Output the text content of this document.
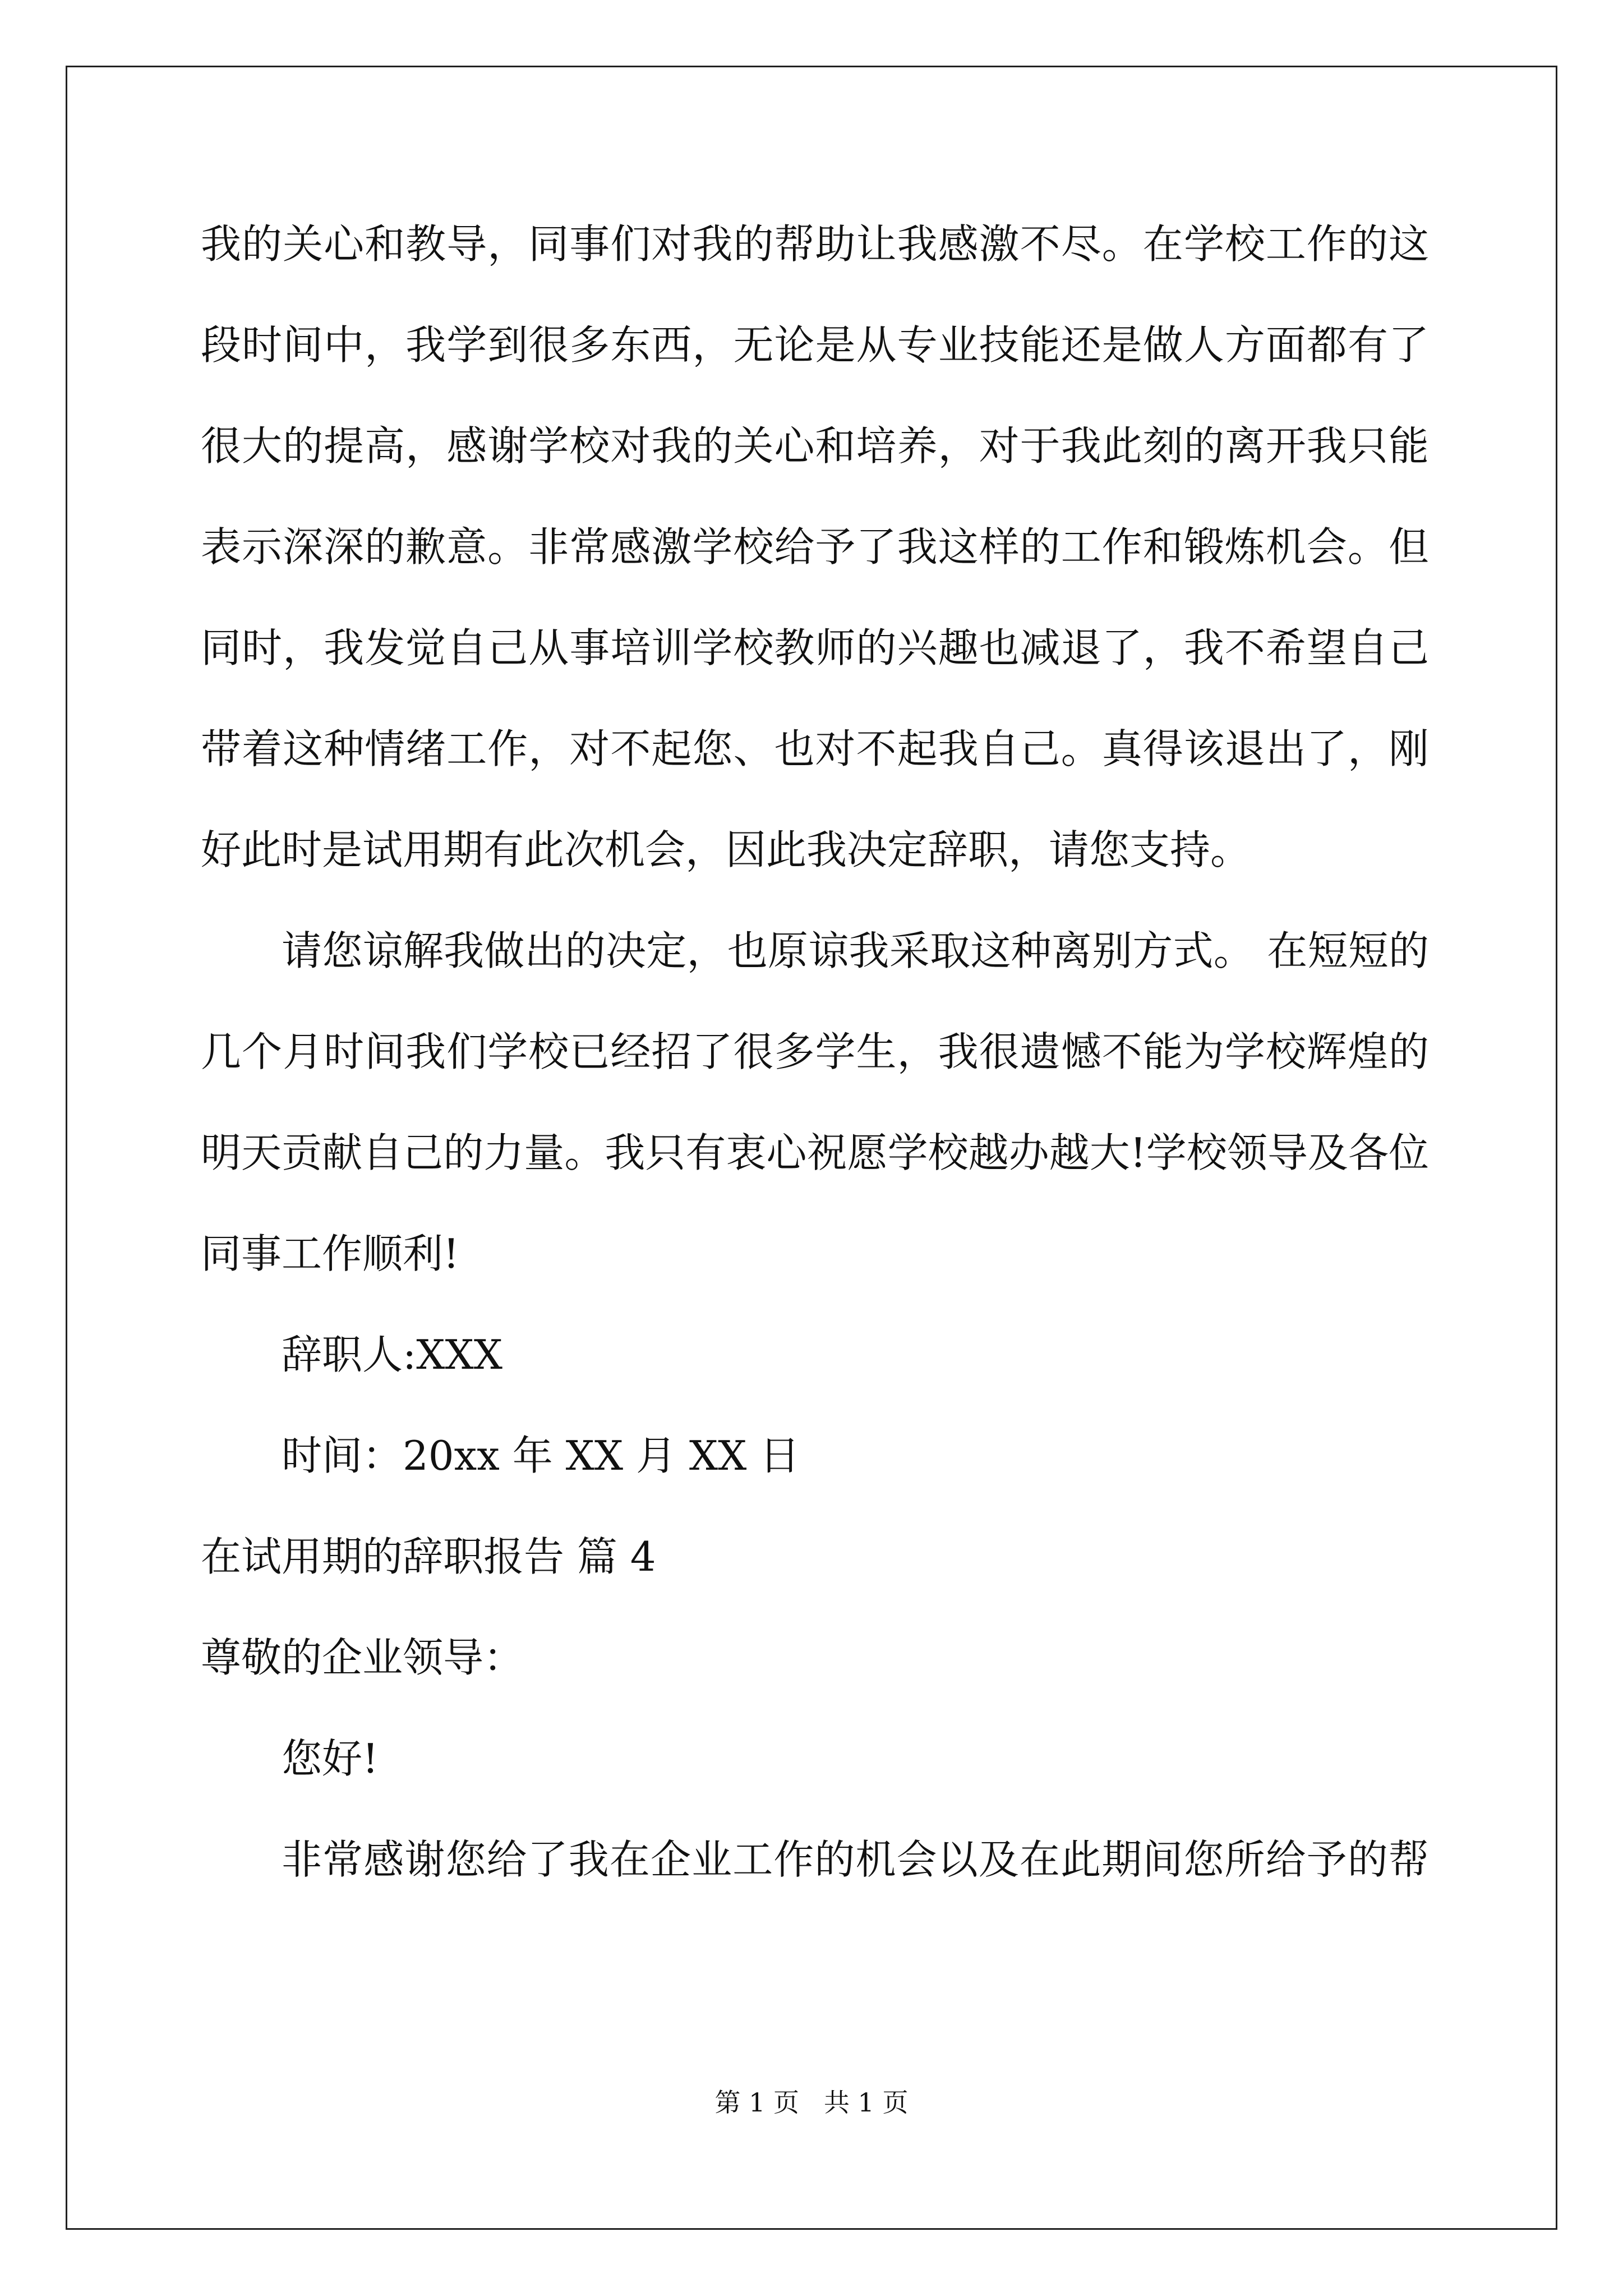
我的关心和教导，同事们对我的帮助让我感激不尽。在学校工作的这
段时间中，我学到很多东西，无论是从专业技能还是做人方面都有了
很大的提高，感谢学校对我的关心和培养，对于我此刻的离开我只能
表示深深的歉意。非常感激学校给予了我这样的工作和锻炼机会。但
同时，我发觉自己从事培训学校教师的兴趣也减退了，我不希望自己
带着这种情绪工作，对不起您、也对不起我自己。真得该退出了，刚
好此时是试用期有此次机会，因此我决定辞职，请您支持。
请您谅解我做出的决定，也原谅我采取这种离别方式。 在短短的
几个月时间我们学校已经招了很多学生，我很遗憾不能为学校辉煌的
明天贡献自己的力量。我只有衷心祝愿学校越办越大!学校领导及各位
同事工作顺利!
辞职人:XXX
时间：20xx 年 XX 月 XX 日
在试用期的辞职报告 篇 4
尊敬的企业领导：
您好!
非常感谢您给了我在企业工作的机会以及在此期间您所给予的帮
第 1 页 共 1 页
